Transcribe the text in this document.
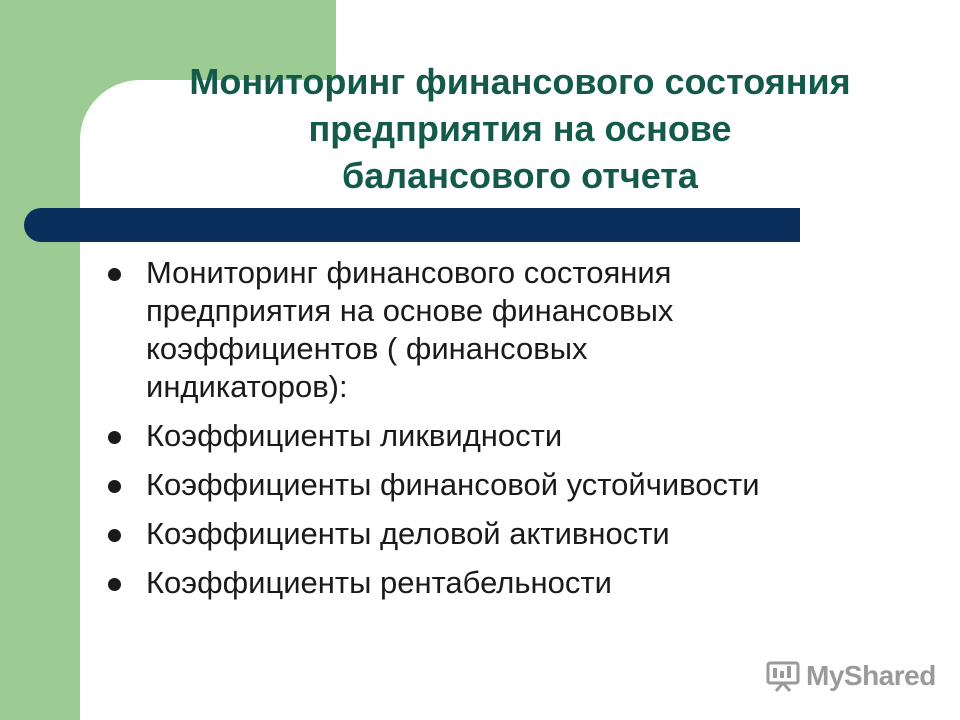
Мониторинг финансового состояния
предприятия на основе
балансового отчета
Мониторинг финансового состояния
предприятия на основе финансовых
коэффициентов ( финансовых
индикаторов):
Коэффициенты ликвидности
Коэффициенты финансовой устойчивости
Коэффициенты деловой активности
Коэффициенты рентабельности
MyShared
